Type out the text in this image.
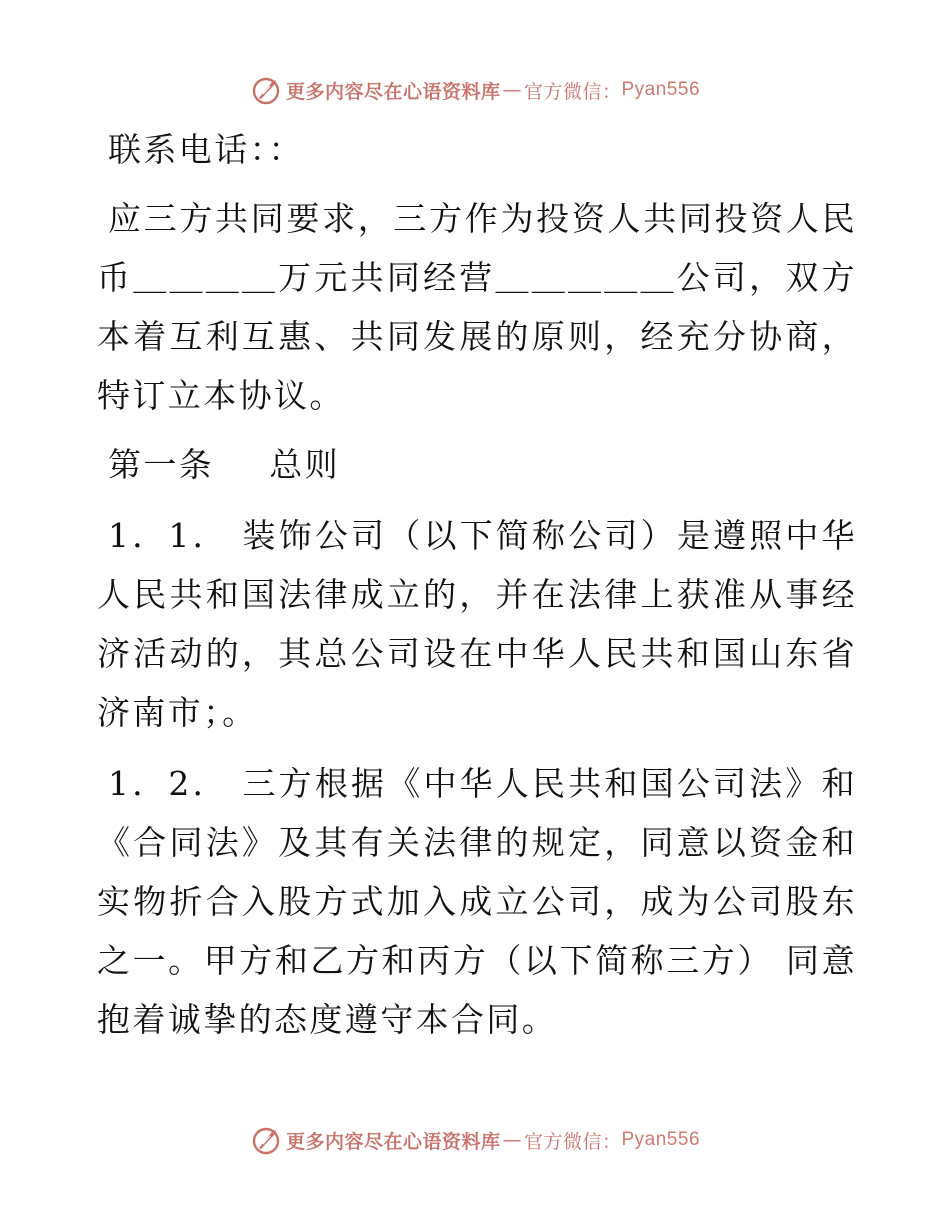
更多内容尽在心语资料库 — 官方微信： Pyan556

联系电话：：

应三方共同要求，三方作为投资人共同投资人民币＿＿＿＿万元共同经营＿＿＿＿＿公司，双方本着互利互惠、共同发展的原则，经充分协商，特订立本协议。

第一条 总则

1．1． 装饰公司（以下简称公司）是遵照中华人民共和国法律成立的，并在法律上获准从事经济活动的，其总公司设在中华人民共和国山东省济南市；。

1．2． 三方根据《中华人民共和国公司法》和《合同法》及其有关法律的规定，同意以资金和实物折合入股方式加入成立公司，成为公司股东之一。甲方和乙方和丙方（以下简称三方） 同意抱着诚挚的态度遵守本合同。

更多内容尽在心语资料库 — 官方微信： Pyan556
